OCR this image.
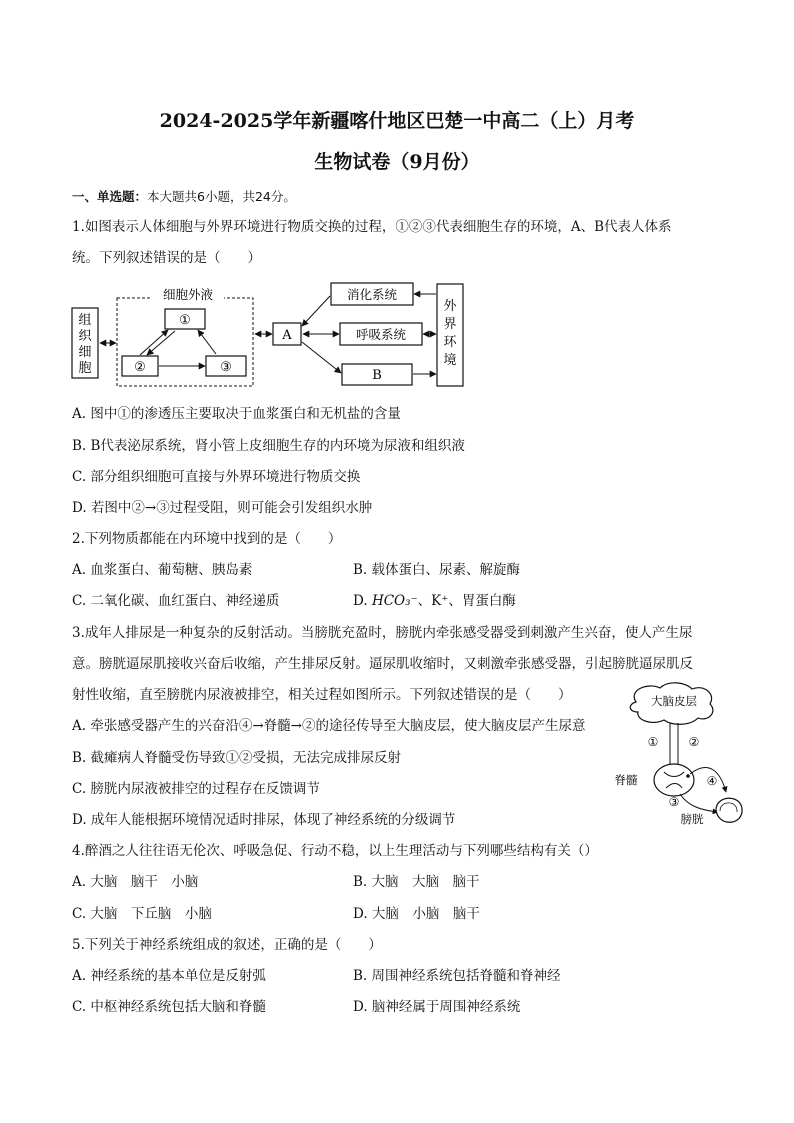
2024-2025学年新疆喀什地区巴楚一中高二（上）月考
生物试卷（9月份）
一、单选题：本大题共6小题，共24分。
1.如图表示人体细胞与外界环境进行物质交换的过程，①②③代表细胞生存的环境，A、B代表人体系
统。下列叙述错误的是（　　）
组
织
细
胞
细胞外液
①
②	③
A
消化系统
呼吸系统
B
外
界
环
境
A. 图中①的渗透压主要取决于血浆蛋白和无机盐的含量
B. B代表泌尿系统，肾小管上皮细胞生存的内环境为尿液和组织液
C. 部分组织细胞可直接与外界环境进行物质交换
D. 若图中②→③过程受阻，则可能会引发组织水肿
2.下列物质都能在内环境中找到的是（　　）
A. 血浆蛋白、葡萄糖、胰岛素	B. 载体蛋白、尿素、解旋酶
C. 二氧化碳、血红蛋白、神经递质	D. HCO₃⁻、K⁺、胃蛋白酶
3.成年人排尿是一种复杂的反射活动。当膀胱充盈时，膀胱内牵张感受器受到刺激产生兴奋，使人产生尿
意。膀胱逼尿肌接收兴奋后收缩，产生排尿反射。逼尿肌收缩时，又刺激牵张感受器，引起膀胱逼尿肌反
射性收缩，直至膀胱内尿液被排空，相关过程如图所示。下列叙述错误的是（　　）	大脑皮层
①	②
脊髓	④
③
膀胱
A. 牵张感受器产生的兴奋沿④→脊髓→②的途径传导至大脑皮层，使大脑皮层产生尿意
B. 截瘫病人脊髓受伤导致①②受损，无法完成排尿反射
C. 膀胱内尿液被排空的过程存在反馈调节
D. 成年人能根据环境情况适时排尿，体现了神经系统的分级调节
4.醉酒之人往往语无伦次、呼吸急促、行动不稳，以上生理活动与下列哪些结构有关（）
A. 大脑　脑干　小脑	B. 大脑　大脑　脑干
C. 大脑　下丘脑　小脑	D. 大脑　小脑　脑干
5.下列关于神经系统组成的叙述，正确的是（　　）
A. 神经系统的基本单位是反射弧	B. 周围神经系统包括脊髓和脊神经
C. 中枢神经系统包括大脑和脊髓	D. 脑神经属于周围神经系统
